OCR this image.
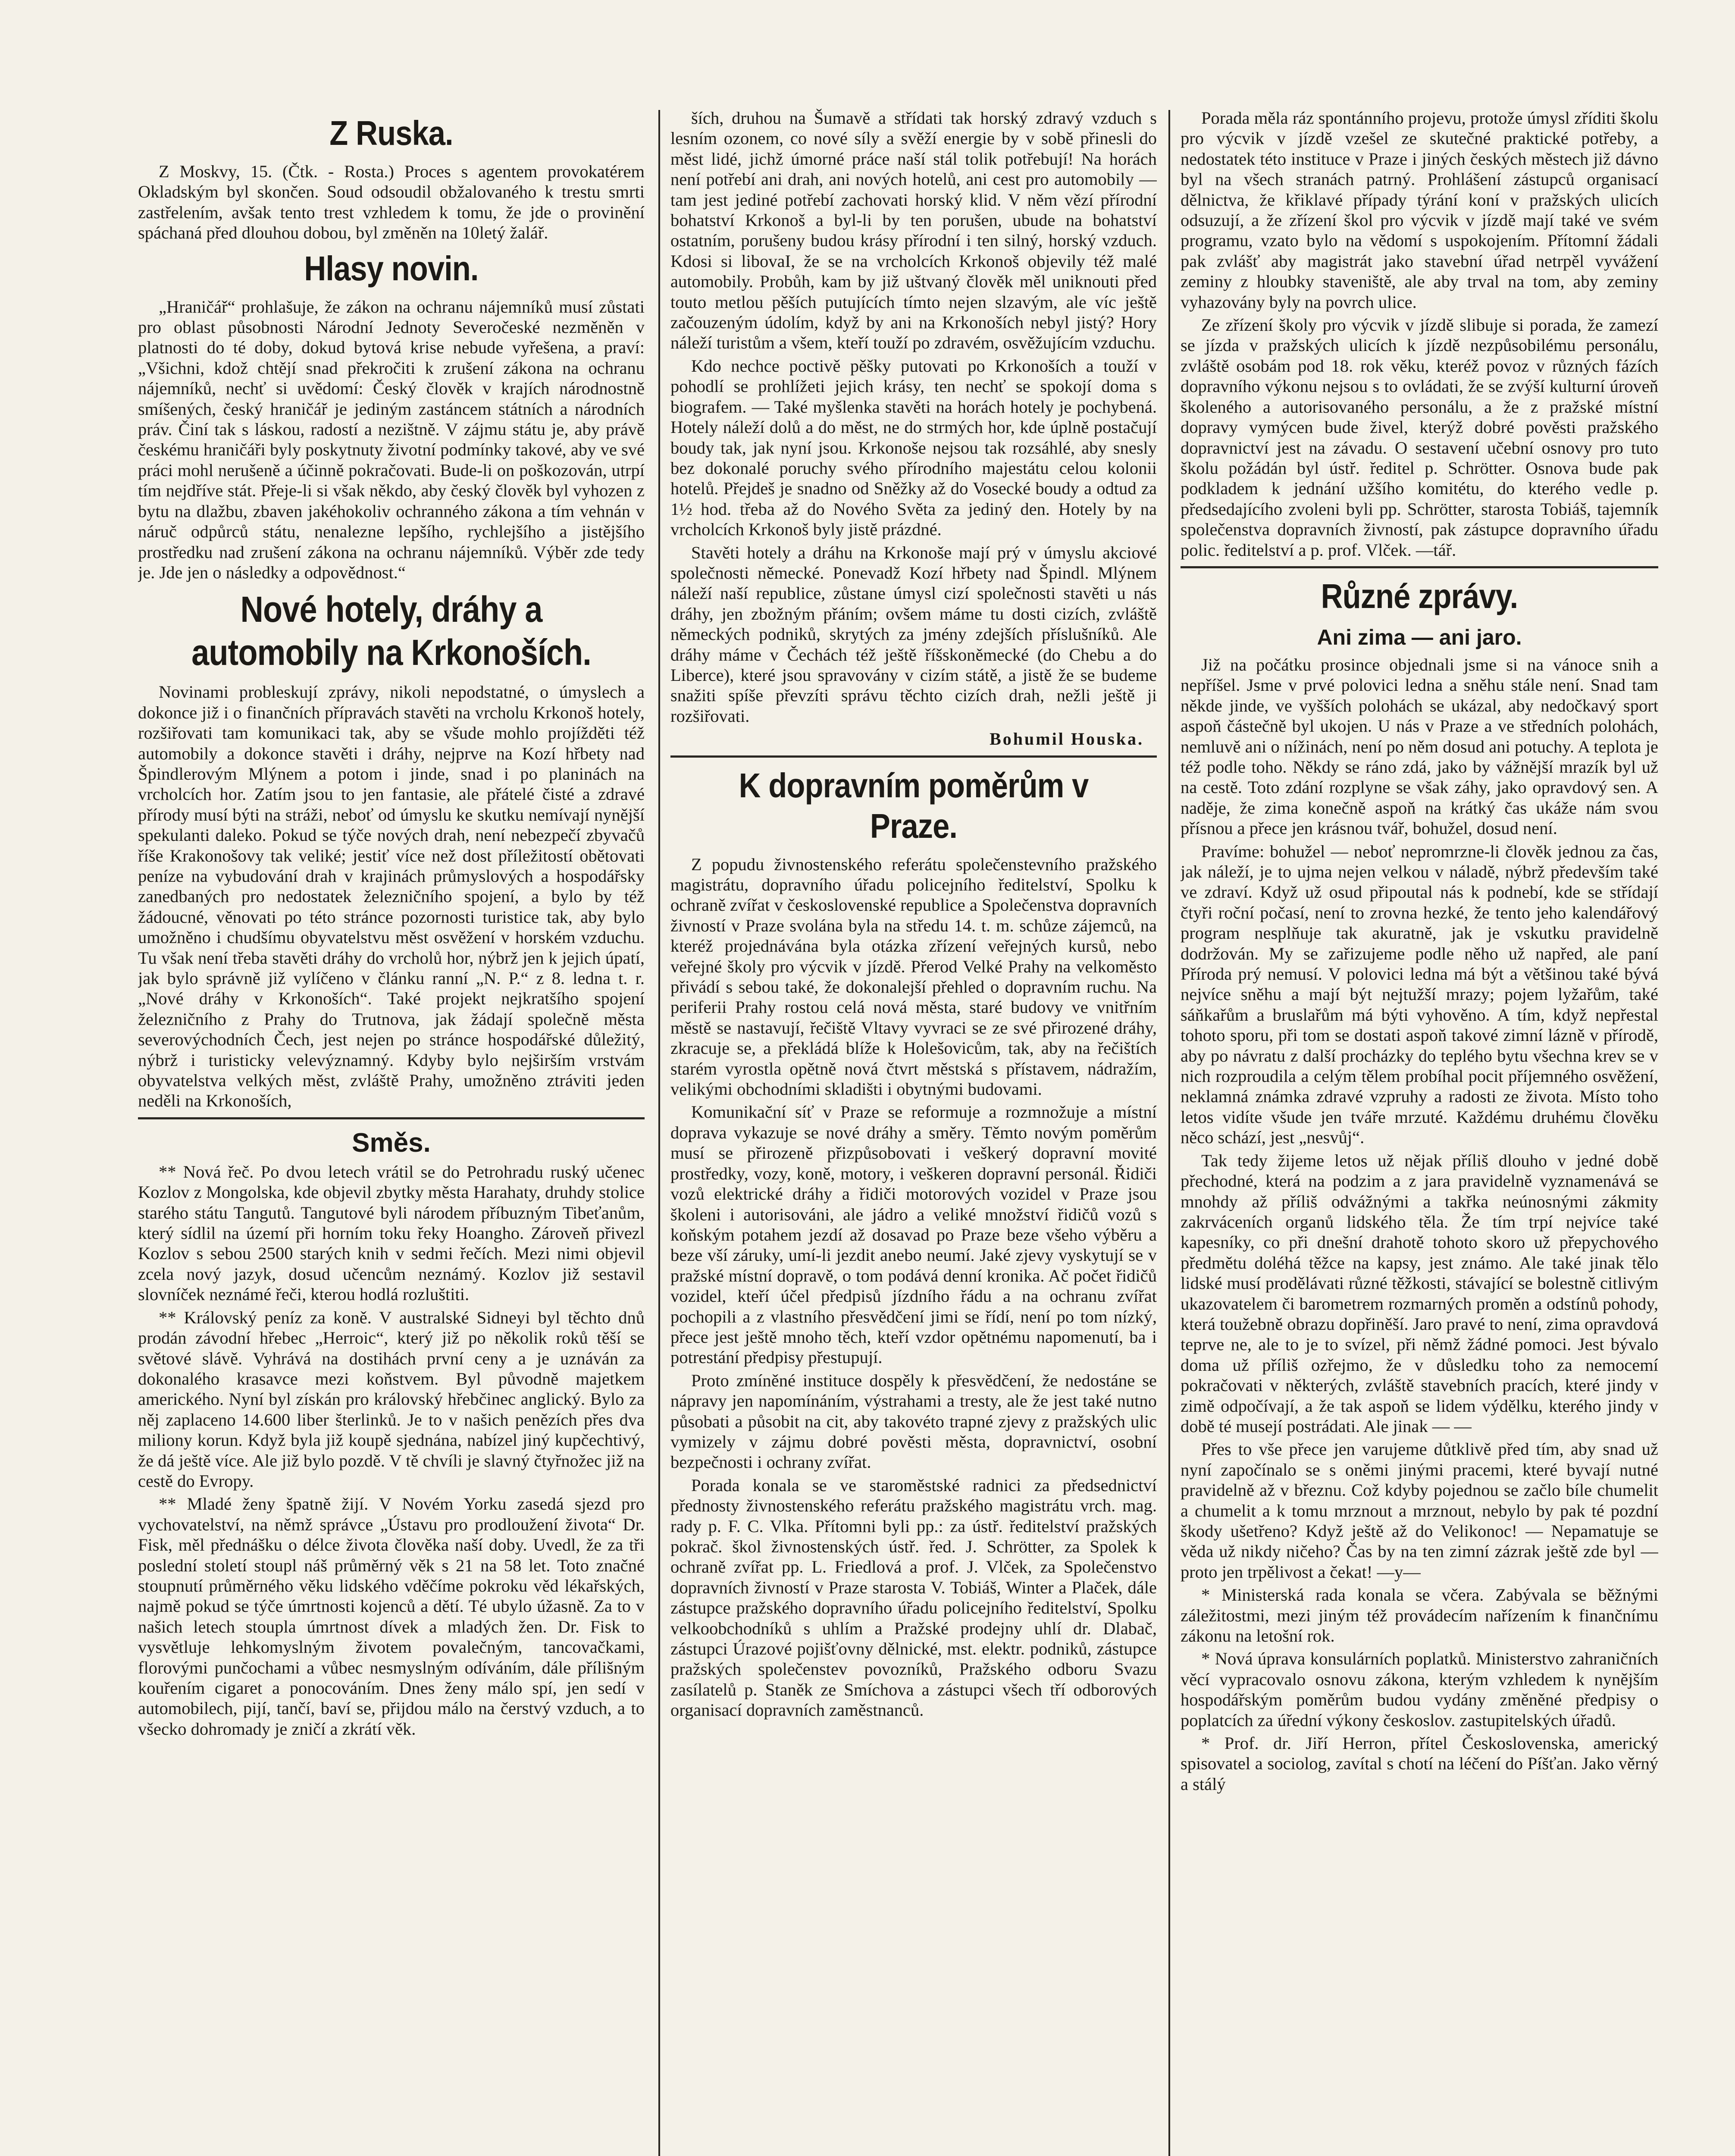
Z Ruska.

Z Moskvy, 15. (Čtk. - Rosta.) Proces s agentem provokatérem Okladským byl skončen. Soud odsoudil obžalovaného k trestu smrti zastřelením, avšak tento trest vzhledem k tomu, že jde o provinění spáchaná před dlouhou dobou, byl změněn na 10letý žalář.

Hlasy novin.

„Hraničář“ prohlašuje, že zákon na ochranu nájemníků musí zůstati pro oblast působnosti Národní Jednoty Severočeské nezměněn v platnosti do té doby, dokud bytová krise nebude vyřešena, a praví: „Všichni, kdož chtějí snad překročiti k zrušení zákona na ochranu nájemníků, nechť si uvědomí: Český člověk v krajích národnostně smíšených, český hraničář je jediným zastáncem státních a národních práv. Činí tak s láskou, radostí a nezištně. V zájmu státu je, aby právě českému hraničáři byly poskytnuty životní podmínky takové, aby ve své práci mohl nerušeně a účinně pokračovati. Bude-li on poškozován, utrpí tím nejdříve stát. Přeje-li si však někdo, aby český člověk byl vyhozen z bytu na dlažbu, zbaven jakéhokoliv ochranného zákona a tím vehnán v náruč odpůrců státu, nenalezne lepšího, rychlejšího a jistějšího prostředku nad zrušení zákona na ochranu nájemníků. Výběr zde tedy je. Jde jen o následky a odpovědnost.“

Nové hotely, dráhy a automobily na Krkonoších.

Novinami probleskují zprávy, nikoli nepodstatné, o úmyslech a dokonce již i o finančních přípravách stavěti na vrcholu Krkonoš hotely, rozšiřovati tam komunikaci tak, aby se všude mohlo projížděti též automobily a dokonce stavěti i dráhy, nejprve na Kozí hřbety nad Špindlerovým Mlýnem a potom i jinde, snad i po planinách na vrcholcích hor. Zatím jsou to jen fantasie, ale přátelé čisté a zdravé přírody musí býti na stráži, neboť od úmyslu ke skutku nemívají nynější spekulanti daleko. Pokud se týče nových drah, není nebezpečí zbyvačů říše Krakonošovy tak veliké; jestiť více než dost příležitostí obětovati peníze na vybudování drah v krajinách průmyslových a hospodářsky zanedbaných pro nedostatek železničního spojení, a bylo by též žádoucné, věnovati po této stránce pozornosti turistice tak, aby bylo umožněno i chudšímu obyvatelstvu měst osvěžení v horském vzduchu. Tu však není třeba stavěti dráhy do vrcholů hor, nýbrž jen k jejich úpatí, jak bylo správně již vylíčeno v článku ranní „N. P.“ z 8. ledna t. r. „Nové dráhy v Krkonoších“. Také projekt nejkratšího spojení železničního z Prahy do Trutnova, jak žádají společně města severovýchodních Čech, jest nejen po stránce hospodářské důležitý, nýbrž i turisticky velevýznamný. Kdyby bylo nejširším vrstvám obyvatelstva velkých měst, zvláště Prahy, umožněno ztráviti jeden neděli na Krkonoších,

Směs.

** Nová řeč. Po dvou letech vrátil se do Petrohradu ruský učenec Kozlov z Mongolska, kde objevil zbytky města Harahaty, druhdy stolice starého státu Tangutů. Tangutové byli národem příbuzným Tibeťanům, který sídlil na území při horním toku řeky Hoangho. Zároveň přivezl Kozlov s sebou 2500 starých knih v sedmi řečích. Mezi nimi objevil zcela nový jazyk, dosud učencům neznámý. Kozlov již sestavil slovníček neznámé řeči, kterou hodlá rozluštiti.

** Královský peníz za koně. V australské Sidneyi byl těchto dnů prodán závodní hřebec „Herroic“, který již po několik roků těší se světové slávě. Vyhrává na dostihách první ceny a je uznáván za dokonalého krasavce mezi koňstvem. Byl původně majetkem amerického. Nyní byl získán pro královský hřebčinec anglický. Bylo za něj zaplaceno 14.600 liber šterlinků. Je to v našich penězích přes dva miliony korun. Když byla již koupě sjednána, nabízel jiný kupčechtivý, že dá ještě více. Ale již bylo pozdě. V tě chvíli je slavný čtyřnožec již na cestě do Evropy.

** Mladé ženy špatně žijí. V Novém Yorku zasedá sjezd pro vychovatelství, na němž správce „Ústavu pro prodloužení života“ Dr. Fisk, měl přednášku o délce života člověka naší doby. Uvedl, že za tři poslední století stoupl náš průměrný věk s 21 na 58 let. Toto značné stoupnutí průměrného věku lidského vděčíme pokroku věd lékařských, najmě pokud se týče úmrtnosti kojenců a dětí. Té ubylo úžasně. Za to v našich letech stoupla úmrtnost dívek a mladých žen. Dr. Fisk to vysvětluje lehkomyslným životem povalečným, tancovačkami, florovými punčochami a vůbec nesmyslným odíváním, dále přílišným kouřením cigaret a ponocováním. Dnes ženy málo spí, jen sedí v automobilech, pijí, tančí, baví se, přijdou málo na čerstvý vzduch, a to všecko dohromady je zničí a zkrátí věk.

ších, druhou na Šumavě a střídati tak horský zdravý vzduch s lesním ozonem, co nové síly a svěží energie by v sobě přinesli do měst lidé, jichž úmorné práce naší stál tolik potřebují! Na horách není potřebí ani drah, ani nových hotelů, ani cest pro automobily — tam jest jediné potřebí zachovati horský klid. V něm vězí přírodní bohatství Krkonoš a byl-li by ten porušen, ubude na bohatství ostatním, porušeny budou krásy přírodní i ten silný, horský vzduch. Kdosi si libovaI, že se na vrcholcích Krkonoš objevily též malé automobily. Probůh, kam by již uštvaný člověk měl uniknouti před touto metlou pěších putujících tímto nejen slzavým, ale víc ještě začouzeným údolím, když by ani na Krkonoších nebyl jistý? Hory náleží turistům a všem, kteří touží po zdravém, osvěžujícím vzduchu.

Kdo nechce poctivě pěšky putovati po Krkonoších a touží v pohodlí se prohlížeti jejich krásy, ten nechť se spokojí doma s biografem. — Také myšlenka stavěti na horách hotely je pochybená. Hotely náleží dolů a do měst, ne do strmých hor, kde úplně postačují boudy tak, jak nyní jsou. Krkonoše nejsou tak rozsáhlé, aby snesly bez dokonalé poruchy svého přírodního majestátu celou kolonii hotelů. Přejdeš je snadno od Sněžky až do Vosecké boudy a odtud za 1½ hod. třeba až do Nového Světa za jediný den. Hotely by na vrcholcích Krkonoš byly jistě prázdné.

Stavěti hotely a dráhu na Krkonoše mají prý v úmyslu akciové společnosti německé. Ponevadž Kozí hřbety nad Špindl. Mlýnem náleží naší republice, zůstane úmysl cizí společnosti stavěti u nás dráhy, jen zbožným přáním; ovšem máme tu dosti cizích, zvláště německých podniků, skrytých za jmény zdejších příslušníků. Ale dráhy máme v Čechách též ještě říšskoněmecké (do Chebu a do Liberce), které jsou spravovány v cizím státě, a jistě že se budeme snažiti spíše převzíti správu těchto cizích drah, nežli ještě ji rozšiřovati.

Bohumil Houska.
K dopravním poměrům v Praze.

Z popudu živnostenského referátu společenstevního pražského magistrátu, dopravního úřadu policejního ředitelství, Spolku k ochraně zvířat v československé republice a Společenstva dopravních živností v Praze svolána byla na středu 14. t. m. schůze zájemců, na kteréž projednávána byla otázka zřízení veřejných kursů, nebo veřejné školy pro výcvik v jízdě. Přerod Velké Prahy na velkoměsto přivádí s sebou také, že dokonalejší přehled o dopravním ruchu. Na periferii Prahy rostou celá nová města, staré budovy ve vnitřním městě se nastavují, řečiště Vltavy vyvraci se ze své přirozené dráhy, zkracuje se, a překládá blíže k Holešovicům, tak, aby na řečištích starém vyrostla opětně nová čtvrt městská s přístavem, nádražím, velikými obchodními skladišti i obytnými budovami.

Komunikační síť v Praze se reformuje a rozmnožuje a místní doprava vykazuje se nové dráhy a směry. Těmto novým poměrům musí se přirozeně přizpůsobovati i veškerý dopravní movité prostředky, vozy, koně, motory, i veškeren dopravní personál. Řidiči vozů elektrické dráhy a řidiči motorových vozidel v Praze jsou školeni i autorisováni, ale jádro a veliké množství řidičů vozů s koňským potahem jezdí až dosavad po Praze beze všeho výběru a beze vší záruky, umí-li jezdit anebo neumí. Jaké zjevy vyskytují se v pražské místní dopravě, o tom podává denní kronika. Ač počet řidičů vozidel, kteří účel předpisů jízdního řádu a na ochranu zvířat pochopili a z vlastního přesvědčení jimi se řídí, není po tom nízký, přece jest ještě mnoho těch, kteří vzdor opětnému napomenutí, ba i potrestání předpisy přestupují.

Proto zmíněné instituce dospěly k přesvědčení, že nedostáne se nápravy jen napomínáním, výstrahami a tresty, ale že jest také nutno působati a působit na cit, aby takovéto trapné zjevy z pražských ulic vymizely v zájmu dobré pověsti města, dopravnictví, osobní bezpečnosti i ochrany zvířat.

Porada konala se ve staroměstské radnici za předsednictví přednosty živnostenského referátu pražského magistrátu vrch. mag. rady p. F. C. Vlka. Přítomni byli pp.: za ústř. ředitelství pražských pokrač. škol živnostenských ústř. řed. J. Schrötter, za Spolek k ochraně zvířat pp. L. Friedlová a prof. J. Vlček, za Společenstvo dopravních živností v Praze starosta V. Tobiáš, Winter a Plaček, dále zástupce pražského dopravního úřadu policejního ředitelství, Spolku velkoobchodníků s uhlím a Pražské prodejny uhlí dr. Dlabač, zástupci Úrazové pojišťovny dělnické, mst. elektr. podniků, zástupce pražských společenstev povozníků, Pražského odboru Svazu zasílatelů p. Staněk ze Smíchova a zástupci všech tří odborových organisací dopravních zaměstnanců.

Porada měla ráz spontánního projevu, protože úmysl zříditi školu pro výcvik v jízdě vzešel ze skutečné praktické potřeby, a nedostatek této instituce v Praze i jiných českých městech již dávno byl na všech stranách patrný. Prohlášení zástupců organisací dělnictva, že křiklavé případy týrání koní v pražských ulicích odsuzují, a že zřízení škol pro výcvik v jízdě mají také ve svém programu, vzato bylo na vědomí s uspokojením. Přítomní žádali pak zvlášť aby magistrát jako stavební úřad netrpěl vyvážení zeminy z hloubky staveniště, ale aby trval na tom, aby zeminy vyhazovány byly na povrch ulice.

Ze zřízení školy pro výcvik v jízdě slibuje si porada, že zamezí se jízda v pražských ulicích k jízdě nezpůsobilému personálu, zvláště osobám pod 18. rok věku, kteréž povoz v různých fázích dopravního výkonu nejsou s to ovládati, že se zvýší kulturní úroveň školeného a autorisovaného personálu, a že z pražské místní dopravy vymýcen bude živel, kterýž dobré pověsti pražského dopravnictví jest na závadu. O sestavení učební osnovy pro tuto školu požádán byl ústř. ředitel p. Schrötter. Osnova bude pak podkladem k jednání užšího komitétu, do kterého vedle p. předsedajícího zvoleni byli pp. Schrötter, starosta Tobiáš, tajemník společenstva dopravních živností, pak zástupce dopravního úřadu polic. ředitelství a p. prof. Vlček. —tář.

Různé zprávy.
Ani zima — ani jaro.

Již na počátku prosince objednali jsme si na vánoce snih a nepříšel. Jsme v prvé polovici ledna a sněhu stále není. Snad tam někde jinde, ve vyšších polohách se ukázal, aby nedočkavý sport aspoň částečně byl ukojen. U nás v Praze a ve středních polohách, nemluvě ani o nížinách, není po něm dosud ani potuchy. A teplota je též podle toho. Někdy se ráno zdá, jako by vážnější mrazík byl už na cestě. Toto zdání rozplyne se však záhy, jako opravdový sen. A naděje, že zima konečně aspoň na krátký čas ukáže nám svou přísnou a přece jen krásnou tvář, bohužel, dosud není.

Pravíme: bohužel — neboť nepromrzne-li člověk jednou za čas, jak náleží, je to ujma nejen velkou v náladě, nýbrž především také ve zdraví. Když už osud připoutal nás k podnebí, kde se střídají čtyři roční počasí, není to zrovna hezké, že tento jeho kalendářový program nesplňuje tak akuratně, jak je vskutku pravidelně dodržován. My se zařizujeme podle něho už napřed, ale paní Příroda prý nemusí. V polovici ledna má být a většinou také bývá nejvíce sněhu a mají být nejtužší mrazy; pojem lyžařům, také sáňkařům a bruslařům má býti vyhověno. A tím, když nepřestal tohoto sporu, při tom se dostati aspoň takové zimní lázně v přírodě, aby po návratu z další procházky do teplého bytu všechna krev se v nich rozproudila a celým tělem probíhal pocit příjemného osvěžení, neklamná známka zdravé vzpruhy a radosti ze života. Místo toho letos vidíte všude jen tváře mrzuté. Každému druhému člověku něco schází, jest „nesvůj“.

Tak tedy žijeme letos už nějak příliš dlouho v jedné době přechodné, která na podzim a z jara pravidelně vyznamenává se mnohdy až příliš odvážnými a takřka neúnosnými zákmity zakrváceních organů lidského těla. Že tím trpí nejvíce také kapesníky, co při dnešní drahotě tohoto skoro už přepychového předmětu doléhá těžce na kapsy, jest známo. Ale také jinak tělo lidské musí prodělávati různé těžkosti, stávající se bolestně citlivým ukazovatelem či barometrem rozmarných proměn a odstínů pohody, která toužebně obrazu dopřiněší. Jaro pravé to není, zima opravdová teprve ne, ale to je to svízel, při němž žádné pomoci. Jest bývalo doma už příliš ozřejmo, že v důsledku toho za nemocemí pokračovati v některých, zvláště stavebních pracích, které jindy v zimě odpočívají, a že tak aspoň se lidem výdělku, kterého jindy v době té musejí postrádati. Ale jinak — —

Přes to vše přece jen varujeme důtklivě před tím, aby snad už nyní započínalo se s oněmi jinými pracemi, které byvají nutné pravidelně až v březnu. Což kdyby pojednou se začlo bíle chumelit a chumelit a k tomu mrznout a mrznout, nebylo by pak té pozdní škody ušetřeno? Když ještě až do Velikonoc! — Nepamatuje se věda už nikdy ničeho? Čas by na ten zimní zázrak ještě zde byl — proto jen trpělivost a čekat! —y—

* Ministerská rada konala se včera. Zabývala se běžnými záležitostmi, mezi jiným též provádecím nařízením k finančnímu zákonu na letošní rok.

* Nová úprava konsulárních poplatků. Ministerstvo zahraničních věcí vypracovalo osnovu zákona, kterým vzhledem k nynějším hospodářským poměrům budou vydány změněné předpisy o poplatcích za úřední výkony českoslov. zastupitelských úřadů.

* Prof. dr. Jiří Herron, přítel Československa, americký spisovatel a sociolog, zavítal s chotí na léčení do Píšťan. Jako věrný a stálý
